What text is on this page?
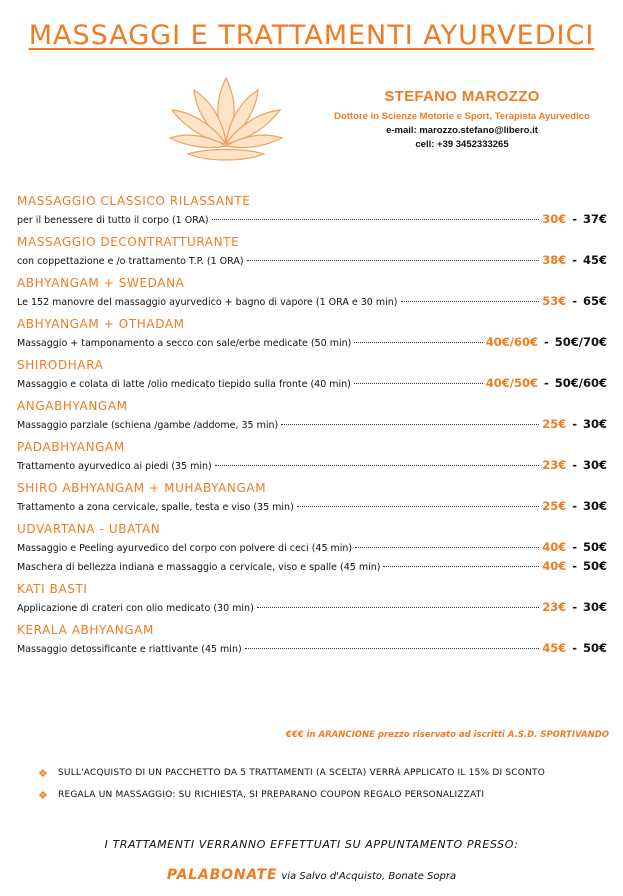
MASSAGGI E TRATTAMENTI AYURVEDICI
STEFANO MAROZZO
Dottore in Scienze Motorie e Sport, Terapista Ayurvedico
e-mail: marozzo.stefano@libero.it
cell: +39 3452333265
MASSAGGIO CLASSICO RILASSANTE
per il benessere di tutto il corpo (1 ORA)	30€ - 37€
MASSAGGIO DECONTRATTURANTE
con coppettazione e /o trattamento T.P. (1 ORA)	38€ - 45€
ABHYANGAM + SWEDANA
Le 152 manovre del massaggio ayurvedico + bagno di vapore (1 ORA e 30 min)	53€ - 65€
ABHYANGAM + OTHADAM
Massaggio + tamponamento a secco con sale/erbe medicate (50 min)	40€/60€ - 50€/70€
SHIRODHARA
Massaggio e colata di latte /olio medicato tiepido sulla fronte (40 min)	40€/50€ - 50€/60€
ANGABHYANGAM
Massaggio parziale (schiena /gambe /addome, 35 min)	25€ - 30€
PADABHYANGAM
Trattamento ayurvedico ai piedi (35 min)	23€ - 30€
SHIRO ABHYANGAM + MUHABYANGAM
Trattamento a zona cervicale, spalle, testa e viso (35 min)	25€ - 30€
UDVARTANA - UBATAN
Massaggio e Peeling ayurvedico del corpo con polvere di ceci (45 min)	40€ - 50€
Maschera di bellezza indiana e massaggio a cervicale, viso e spalle (45 min)	40€ - 50€
KATI BASTI
Applicazione di crateri con olio medicato (30 min)	23€ - 30€
KERALA ABHYANGAM
Massaggio detossificante e riattivante (45 min)	45€ - 50€
€€€ in ARANCIONE prezzo riservato ad iscritti A.S.D. SPORTIVANDO
❖	SULL'ACQUISTO DI UN PACCHETTO DA 5 TRATTAMENTI (A SCELTA) VERRÀ APPLICATO IL 15% DI SCONTO
❖	REGALA UN MASSAGGIO: SU RICHIESTA, SI PREPARANO COUPON REGALO PERSONALIZZATI
I TRATTAMENTI VERRANNO EFFETTUATI SU APPUNTAMENTO PRESSO:
PALABONATE via Salvo d'Acquisto, Bonate Sopra
